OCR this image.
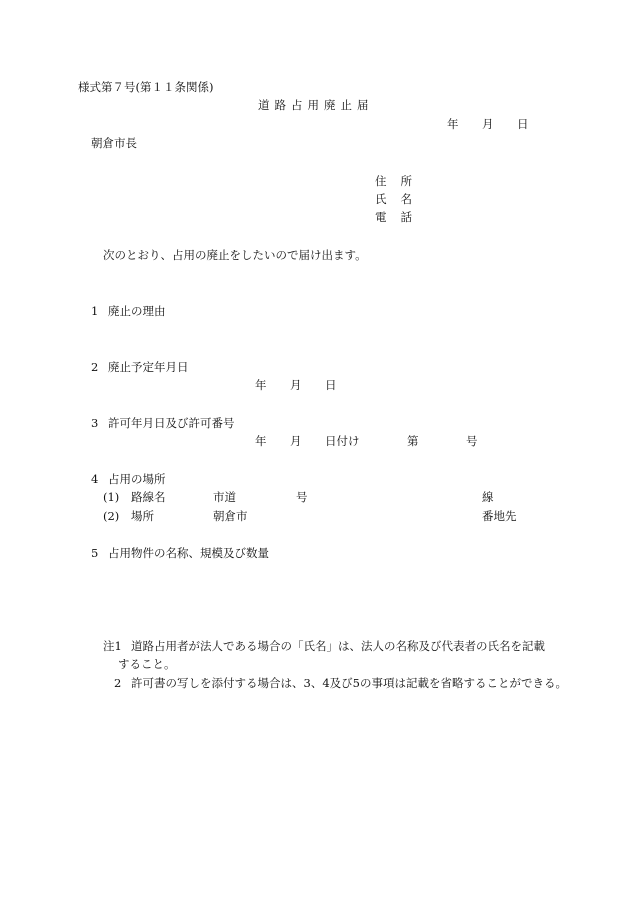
様式第７号(第１１条関係)
道路占用廃止届
年 月 日
朝倉市長
住所
氏名
電話
次のとおり、占用の廃止をしたいので届け出ます。
1 廃止の理由
2 廃止予定年月日
年 月 日
3 許可年月日及び許可番号
年 月 日付け	第	号
4 占用の場所
(1) 路線名	市道	号	線
(2) 場所	朝倉市	番地先
5 占用物件の名称、規模及び数量
注1 道路占用者が法人である場合の「氏名」は、法人の名称及び代表者の氏名を記載
すること。
2 許可書の写しを添付する場合は、3、4及び5の事項は記載を省略することができる。
